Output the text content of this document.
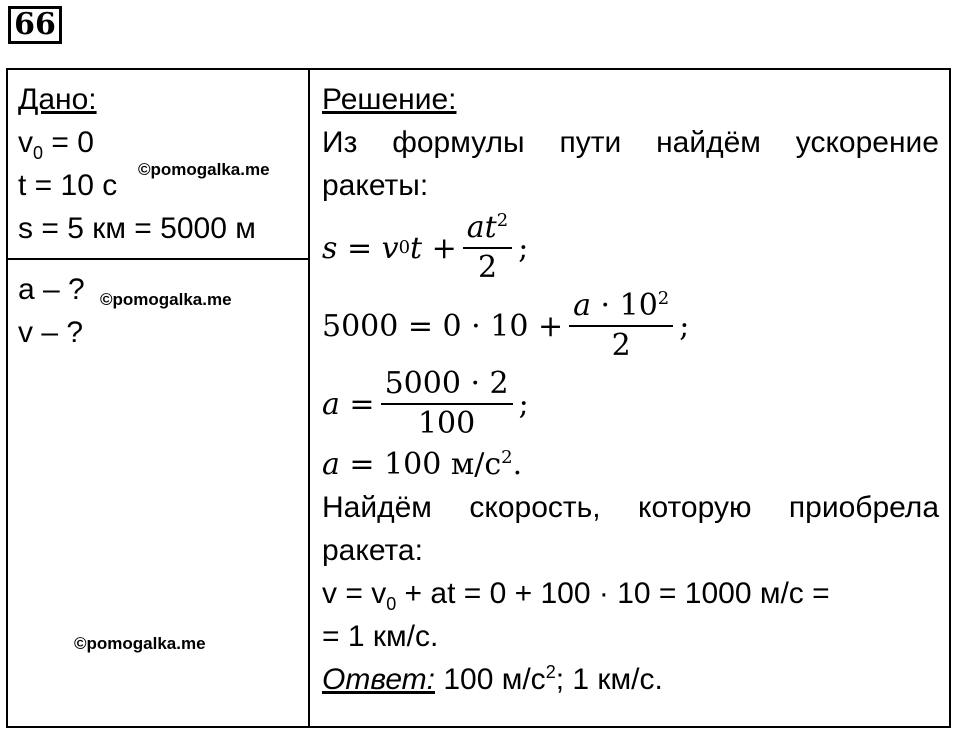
66
Дано:
$v_0 = 0$
t = 10 с
s = 5 км = 5000 м
©pomogalka.me

Решение:
Из формулы пути найдём ускорение ракеты:
s = v 0 $t + \frac{at^2}{2}$ ;
$5000 = 0 \cdot 10 + \frac{a \cdot 10^2}{2}$ ;
$a = \frac{5000 \cdot 2}{100}$ ;
a = 100 $м/с^2$.
Найдём скорость, которую приобрела ракета:
$v = v_0$ + at = 0 + 100 · 10 = 1000 м/с =
= 1 км/с.
Ответ: 100 $м/с^2$; 1 км/с.

a – ?
v – ?
©pomogalka.me
©pomogalka.me
